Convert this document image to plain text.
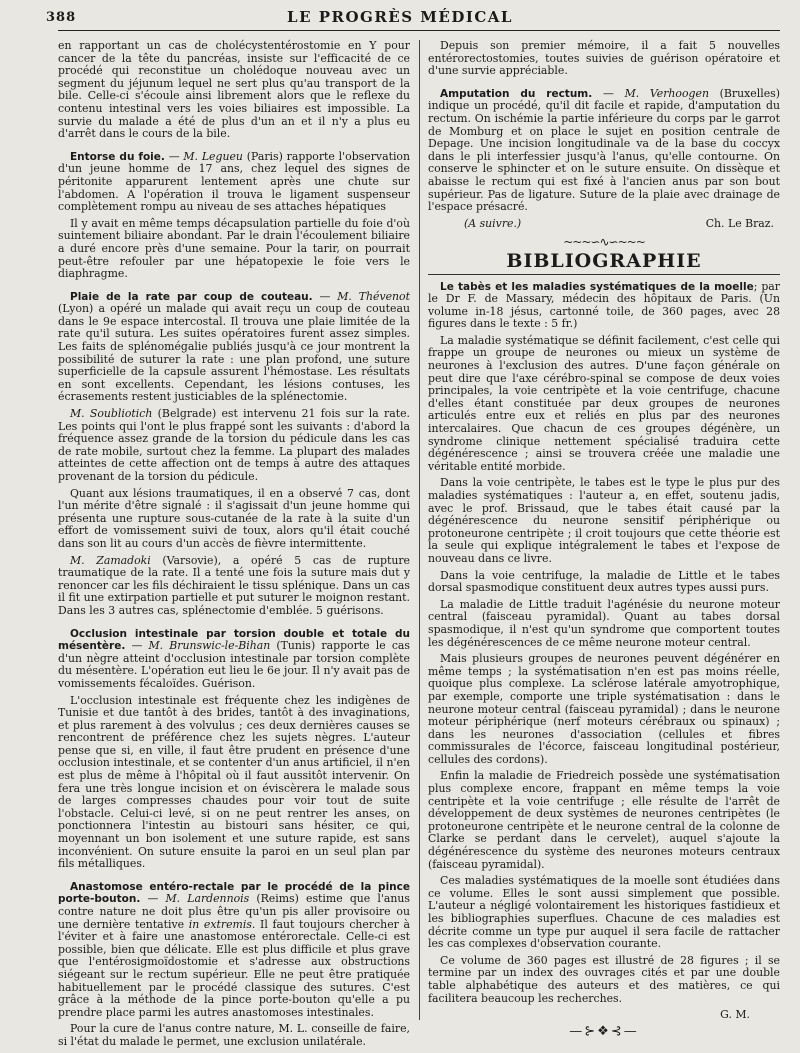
388	LE PROGRÈS MÉDICAL

en rapportant un cas de cholécystentérostomie en Y pour cancer de la tête du pancréas, insiste sur l'efficacité de ce procédé qui reconstitue un cholédoque nouveau avec un segment du jéjunum lequel ne sert plus qu'au transport de la bile. Celle-ci s'écoule ainsi librement alors que le reflexe du contenu intestinal vers les voies biliaires est impossible. La survie du malade a été de plus d'un an et il n'y a plus eu d'arrêt dans le cours de la bile.

Entorse du foie. — M. Legueu (Paris) rapporte l'observation d'un jeune homme de 17 ans, chez lequel des signes de péritonite apparurent lentement après une chute sur l'abdomen. A l'opération il trouva le ligament suspenseur complètement rompu au niveau de ses attaches hépatiques

Il y avait en même temps décapsulation partielle du foie d'où suintement biliaire abondant. Par le drain l'écoulement biliaire a duré encore près d'une semaine. Pour la tarir, on pourrait peut-être refouler par une hépatopexie le foie vers le diaphragme.

Plaie de la rate par coup de couteau. — M. Thévenot (Lyon) a opéré un malade qui avait reçu un coup de couteau dans le 9e espace intercostal. Il trouva une plaie limitée de la rate qu'il sutura. Les suites opératoires furent assez simples. Les faits de splénomégalie publiés jusqu'à ce jour montrent la possibilité de suturer la rate : une plan profond, une suture superficielle de la capsule assurent l'hémostase. Les résultats en sont excellents. Cependant, les lésions contuses, les écrasements restent justiciables de la splénectomie.

M. Soubliotich (Belgrade) est intervenu 21 fois sur la rate. Les points qui l'ont le plus frappé sont les suivants : d'abord la fréquence assez grande de la torsion du pédicule dans les cas de rate mobile, surtout chez la femme. La plupart des malades atteintes de cette affection ont de temps à autre des attaques provenant de la torsion du pédicule.

Quant aux lésions traumatiques, il en a observé 7 cas, dont l'un mérite d'être signalé : il s'agissait d'un jeune homme qui présenta une rupture sous-cutanée de la rate à la suite d'un effort de vomissement suivi de toux, alors qu'il était couché dans son lit au cours d'un accès de fièvre intermittente.

M. Zamadoki (Varsovie), a opéré 5 cas de rupture traumatique de la rate. Il a tenté une fois la suture mais dut y renoncer car les fils déchiraient le tissu splénique. Dans un cas il fit une extirpation partielle et put suturer le moignon restant. Dans les 3 autres cas, splénectomie d'emblée. 5 guérisons.

Occlusion intestinale par torsion double et totale du mésentère. — M. Brunswic-le-Bihan (Tunis) rapporte le cas d'un nègre atteint d'occlusion intestinale par torsion complète du mésentère. L'opération eut lieu le 6e jour. Il n'y avait pas de vomissements fécaloïdes. Guérison.

L'occlusion intestinale est fréquente chez les indigènes de Tunisie et due tantôt à des brides, tantôt à des invaginations, et plus rarement à des volvulus ; ces deux dernières causes se rencontrent de préférence chez les sujets nègres. L'auteur pense que si, en ville, il faut être prudent en présence d'une occlusion intestinale, et se contenter d'un anus artificiel, il n'en est plus de même à l'hôpital où il faut aussitôt intervenir. On fera une très longue incision et on éviscèrera le malade sous de larges compresses chaudes pour voir tout de suite l'obstacle. Celui-ci levé, si on ne peut rentrer les anses, on ponctionnera l'intestin au bistouri sans hésiter, ce qui, moyennant un bon isolement et une suture rapide, est sans inconvénient. On suture ensuite la paroi en un seul plan par fils métalliques.

Anastomose entéro-rectale par le procédé de la pince porte-bouton. — M. Lardennois (Reims) estime que l'anus contre nature ne doit plus être qu'un pis aller provisoire ou une dernière tentative in extremis. Il faut toujours chercher à l'éviter et à faire une anastomose entérorectale. Celle-ci est possible, bien que délicate. Elle est plus difficile et plus grave que l'entérosigmoïdostomie et s'adresse aux obstructions siégeant sur le rectum supérieur. Elle ne peut être pratiquée habituellement par le procédé classique des sutures. C'est grâce à la méthode de la pince porte-bouton qu'elle a pu prendre place parmi les autres anastomoses intestinales.

Pour la cure de l'anus contre nature, M. L. conseille de faire, si l'état du malade le permet, une exclusion unilatérale.

Depuis son premier mémoire, il a fait 5 nouvelles entérorectostomies, toutes suivies de guérison opératoire et d'une survie appréciable.

Amputation du rectum. — M. Verhoogen (Bruxelles) indique un procédé, qu'il dit facile et rapide, d'amputation du rectum. On ischémie la partie inférieure du corps par le garrot de Momburg et on place le sujet en position centrale de Depage. Une incision longitudinale va de la base du coccyx dans le pli interfessier jusqu'à l'anus, qu'elle contourne. On conserve le sphincter et on le suture ensuite. On dissèque et abaisse le rectum qui est fixé à l'ancien anus par son bout supérieur. Pas de ligature. Suture de la plaie avec drainage de l'espace présacré.

(A suivre.)	Ch. Le Braz.
~~~∽∿∽~~~
BIBLIOGRAPHIE

Le tabès et les maladies systématiques de la moelle; par le Dr F. de Massary, médecin des hôpitaux de Paris. (Un volume in-18 jésus, cartonné toile, de 360 pages, avec 28 figures dans le texte : 5 fr.)

La maladie systématique se définit facilement, c'est celle qui frappe un groupe de neurones ou mieux un système de neurones à l'exclusion des autres. D'une façon générale on peut dire que l'axe cérébro-spinal se compose de deux voies principales, la voie centripète et la voie centrifuge, chacune d'elles étant constituée par deux groupes de neurones articulés entre eux et reliés en plus par des neurones intercalaires. Que chacun de ces groupes dégénère, un syndrome clinique nettement spécialisé traduira cette dégénérescence ; ainsi se trouvera créée une maladie une véritable entité morbide.

Dans la voie centripète, le tabes est le type le plus pur des maladies systématiques : l'auteur a, en effet, soutenu jadis, avec le prof. Brissaud, que le tabes était causé par la dégénérescence du neurone sensitif périphérique ou protoneurone centripète ; il croit toujours que cette théorie est la seule qui explique intégralement le tabes et l'expose de nouveau dans ce livre.

Dans la voie centrifuge, la maladie de Little et le tabes dorsal spasmodique constituent deux autres types aussi purs.

La maladie de Little traduit l'agénésie du neurone moteur central (faisceau pyramidal). Quant au tabes dorsal spasmodique, il n'est qu'un syndrome que comportent toutes les dégénérescences de ce même neurone moteur central.

Mais plusieurs groupes de neurones peuvent dégénérer en même temps ; la systématisation n'en est pas moins réelle, quoique plus complexe. La sclérose latérale amyotrophique, par exemple, comporte une triple systématisation : dans le neurone moteur central (faisceau pyramidal) ; dans le neurone moteur périphérique (nerf moteurs cérébraux ou spinaux) ; dans les neurones d'association (cellules et fibres commissurales de l'écorce, faisceau longitudinal postérieur, cellules des cordons).

Enfin la maladie de Friedreich possède une systématisation plus complexe encore, frappant en même temps la voie centripète et la voie centrifuge ; elle résulte de l'arrêt de développement de deux systèmes de neurones centripètes (le protoneurone centripète et le neurone central de la colonne de Clarke se perdant dans le cervelet), auquel s'ajoute la dégénérescence du système des neurones moteurs centraux (faisceau pyramidal).

Ces maladies systématiques de la moelle sont étudiées dans ce volume. Elles le sont aussi simplement que possible. L'auteur a négligé volontairement les historiques fastidieux et les bibliographies superflues. Chacune de ces maladies est décrite comme un type pur auquel il sera facile de rattacher les cas complexes d'observation courante.

Ce volume de 360 pages est illustré de 28 figures ; il se termine par un index des ouvrages cités et par une double table alphabétique des auteurs et des matières, ce qui facilitera beaucoup les recherches.

G. M.

—⊱❖⊰—
